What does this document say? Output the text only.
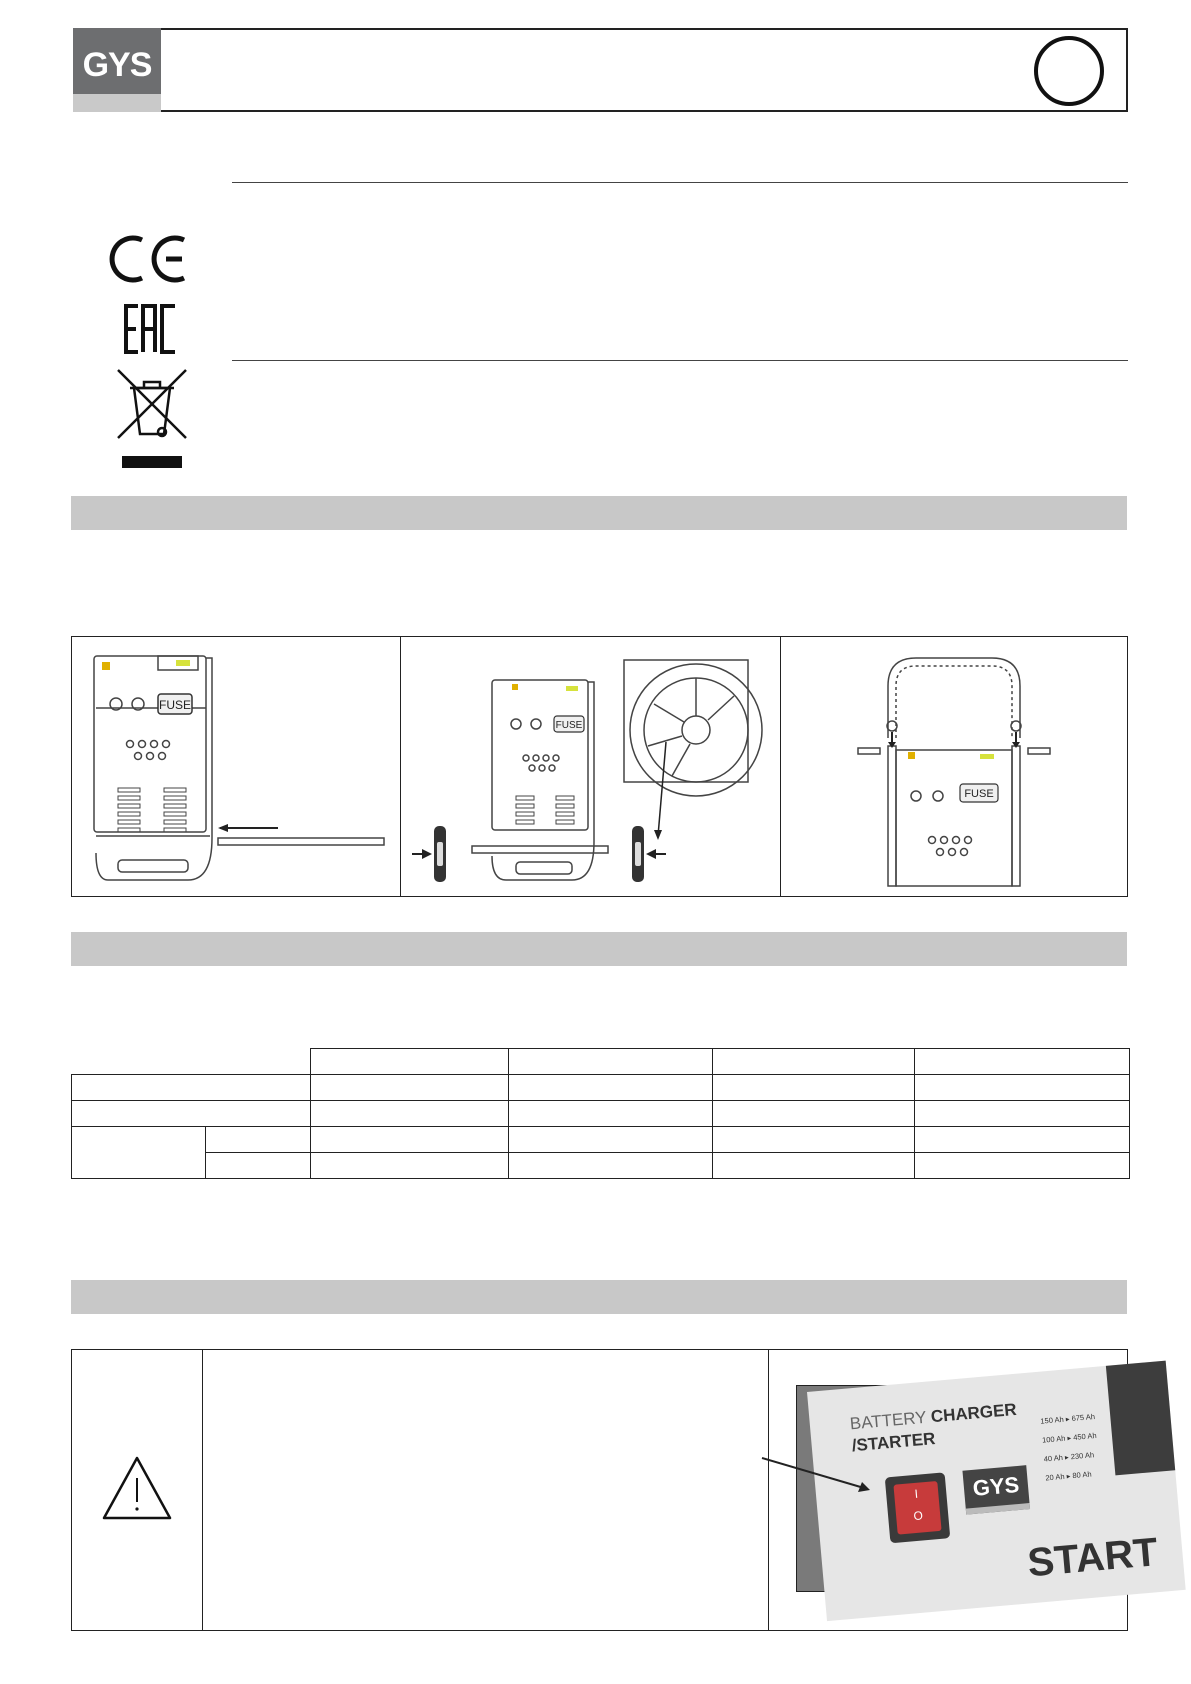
GYS
FUSE
FUSE
FUSE

BATTERY CHARGER
/STARTER
I
O
GYS
150 Ah ▸ 675 Ah
100 Ah ▸ 450 Ah
40 Ah ▸ 230 Ah
20 Ah ▸ 80 Ah
START
